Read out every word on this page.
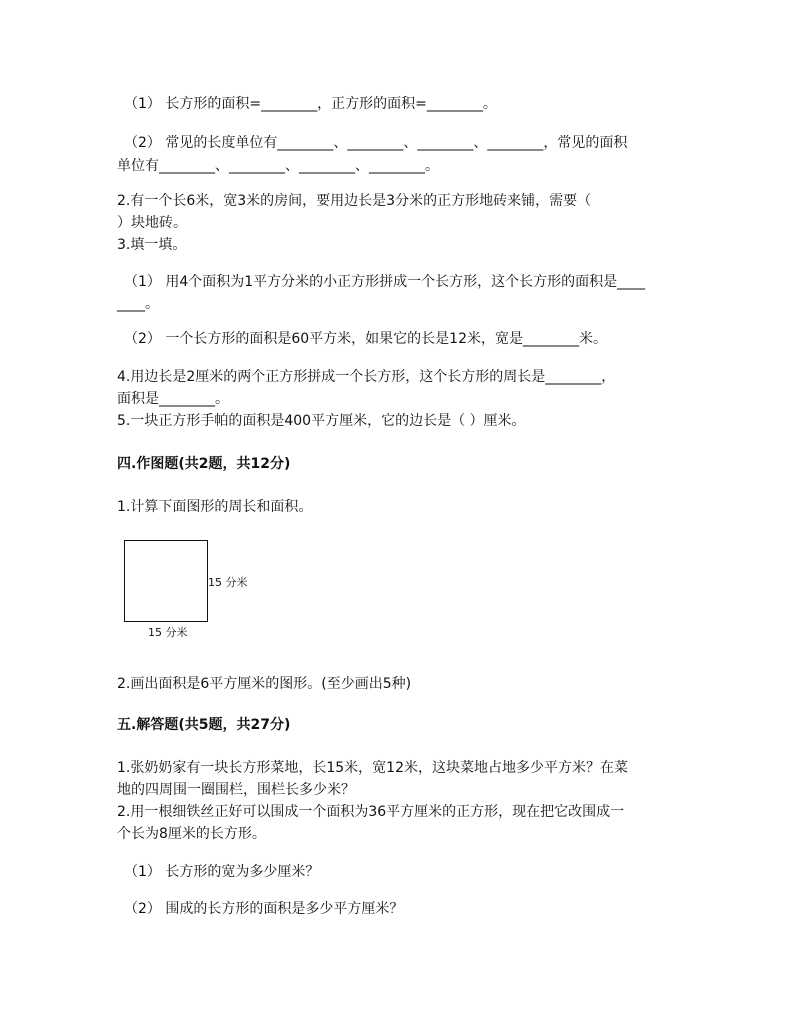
（1） 长方形的面积=________，正方形的面积=________。
（2） 常见的长度单位有________、________、________、________，常见的面积
单位有________、________、________、________。
2.有一个长6米，宽3米的房间，要用边长是3分米的正方形地砖来铺，需要（
）块地砖。
3.填一填。
（1） 用4个面积为1平方分米的小正方形拼成一个长方形，这个长方形的面积是____
____。
（2） 一个长方形的面积是60平方米，如果它的长是12米，宽是________米。
4.用边长是2厘米的两个正方形拼成一个长方形，这个长方形的周长是________，
面积是________。
5.一块正方形手帕的面积是400平方厘米，它的边长是（ ）厘米。
四.作图题(共2题，共12分)
1.计算下面图形的周长和面积。
15 分米
15 分米
2.画出面积是6平方厘米的图形。(至少画出5种)
五.解答题(共5题，共27分)
1.张奶奶家有一块长方形菜地，长15米，宽12米，这块菜地占地多少平方米？在菜
地的四周围一圈围栏，围栏长多少米？
2.用一根细铁丝正好可以围成一个面积为36平方厘米的正方形，现在把它改围成一
个长为8厘米的长方形。
（1） 长方形的宽为多少厘米？
（2） 围成的长方形的面积是多少平方厘米？
